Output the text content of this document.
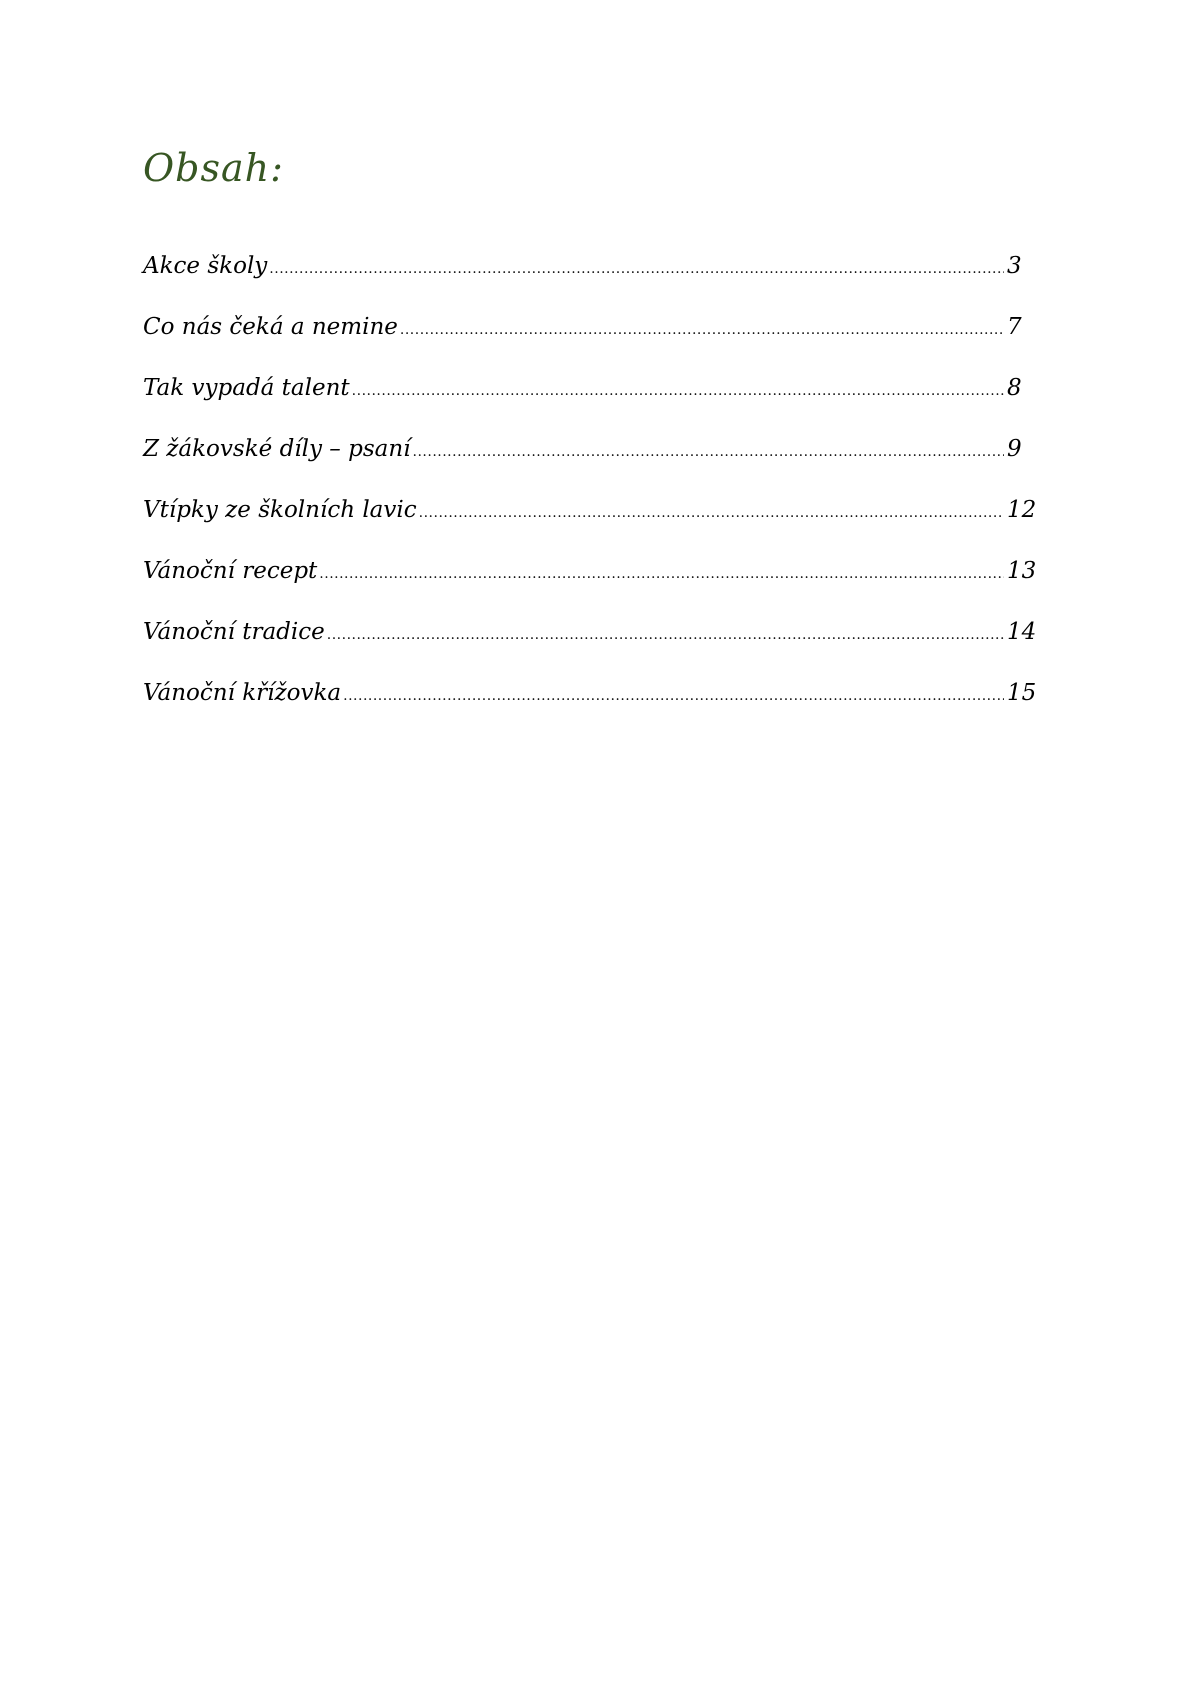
Obsah:
Akce školy .....	3
Co nás čeká a nemine .....	7
Tak vypadá talent .....	8
Z žákovské díly – psaní .....	9
Vtípky ze školních lavic .....	12
Vánoční recept .....	13
Vánoční tradice .....	14
Vánoční křížovka .....	15
